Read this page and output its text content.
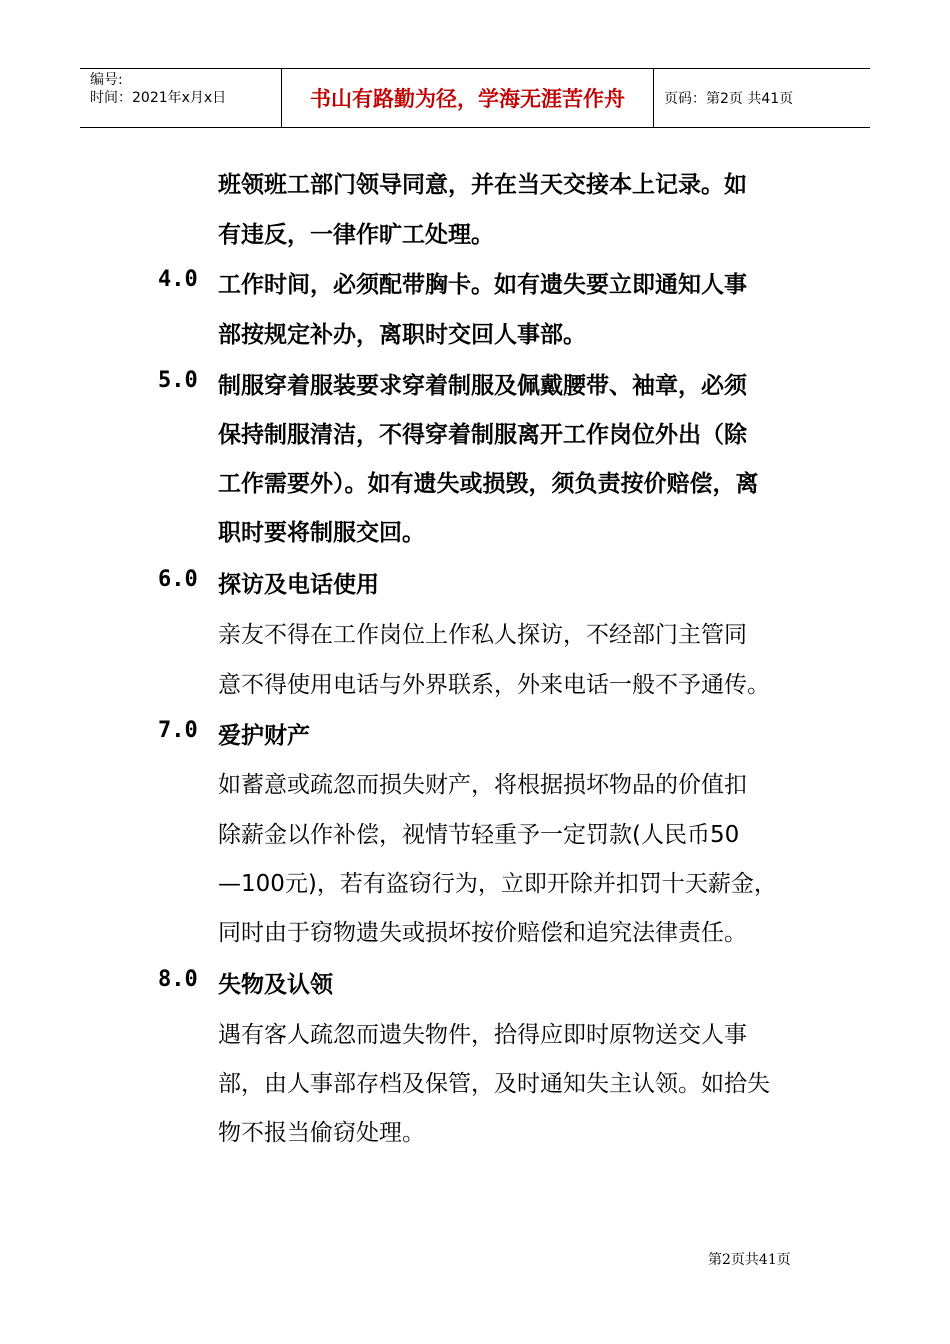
编号:
时间：2021年x月x日	书山有路勤为径，学海无涯苦作舟	页码：第2页 共41页
班领班工部门领导同意，并在当天交接本上记录。如
有违反，一律作旷工处理。
4.0 工作时间，必须配带胸卡。如有遗失要立即通知人事
部按规定补办，离职时交回人事部。
5.0 制服穿着服装要求穿着制服及佩戴腰带、袖章，必须
保持制服清洁，不得穿着制服离开工作岗位外出（除
工作需要外）。如有遗失或损毁，须负责按价赔偿，离
职时要将制服交回。
6.0 探访及电话使用
亲友不得在工作岗位上作私人探访，不经部门主管同
意不得使用电话与外界联系，外来电话一般不予通传。
7.0 爱护财产
如蓄意或疏忽而损失财产，将根据损坏物品的价值扣
除薪金以作补偿，视情节轻重予一定罚款(人民币50
—100元)，若有盗窃行为，立即开除并扣罚十天薪金，
同时由于窃物遗失或损坏按价赔偿和追究法律责任。
8.0 失物及认领
遇有客人疏忽而遗失物件，拾得应即时原物送交人事
部，由人事部存档及保管，及时通知失主认领。如拾失
物不报当偷窃处理。
第2页共41页
